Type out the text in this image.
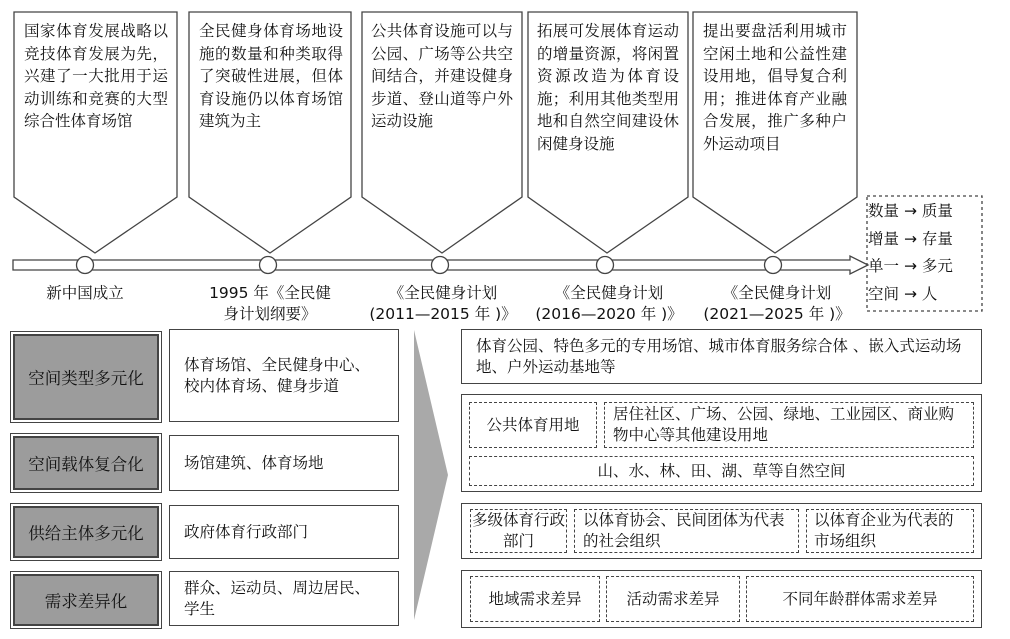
国家体育发展战略以竞技体育发展为先，兴建了一大批用于运动训练和竞赛的大型综合性体育场馆
全民健身体育场地设施的数量和种类取得了突破性进展，但体育设施仍以体育场馆建筑为主
公共体育设施可以与公园、广场等公共空间结合，并建设健身步道、登山道等户外运动设施
拓展可发展体育运动的增量资源，将闲置资源改造为体育设施；利用其他类型用地和自然空间建设休闲健身设施
提出要盘活利用城市空闲土地和公益性建设用地，倡导复合利用；推进体育产业融合发展，推广多种户外运动项目
新中国成立	1995 年《全民健
身计划纲要》
《全民健身计划
(2011—2015 年 )》
《全民健身计划
(2016—2020 年 )》
《全民健身计划
(2021—2025 年 )》
数量 → 质量
增量 → 存量
单一 → 多元
空间 → 人
空间类型多元化
空间载体复合化
供给主体多元化
需求差异化
体育场馆、全民健身中心、校内体育场、健身步道
场馆建筑、体育场地
政府体育行政部门
群众、运动员、周边居民、学生
体育公园、特色多元的专用场馆、城市体育服务综合体 、嵌入式运动场地、户外运动基地等
公共体育用地
居住社区、广场、公园、绿地、工业园区、商业购物中心等其他建设用地
山、水、林、田、湖、草等自然空间
多级体育行政部门
以体育协会、民间团体为代表的社会组织
以体育企业为代表的市场组织
地域需求差异	活动需求差异	不同年龄群体需求差异
